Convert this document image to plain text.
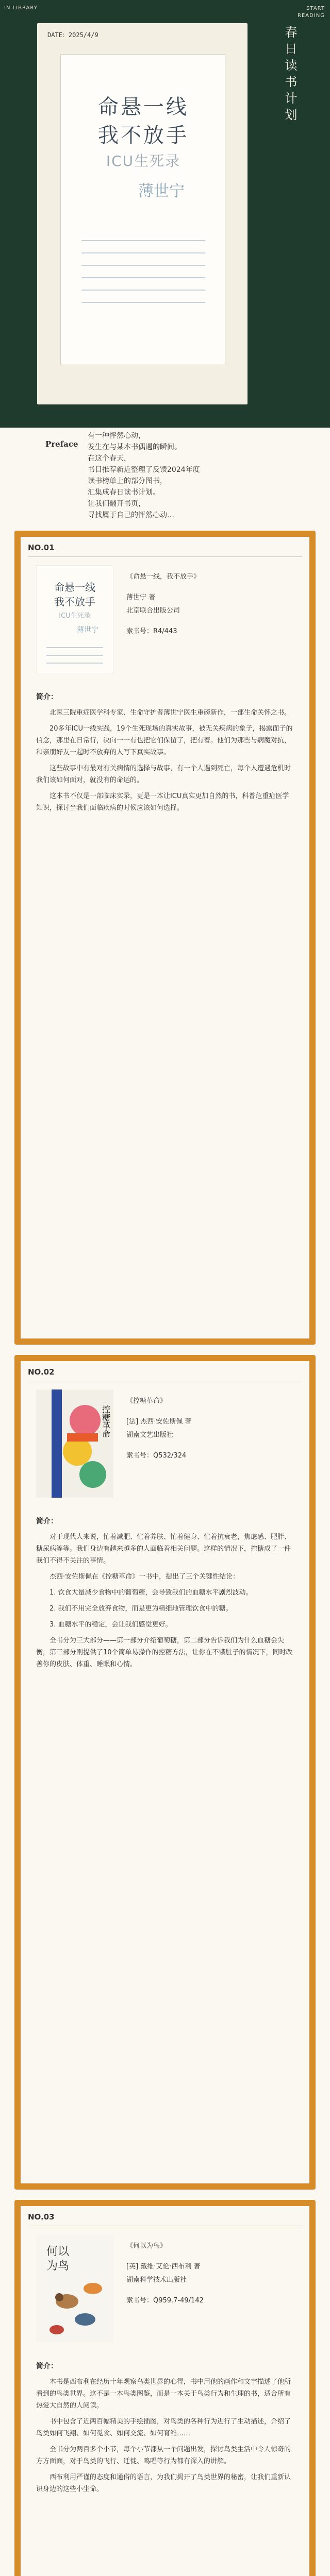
IN LIBRARY	START
READING
DATE：2025/4/9
命悬一线
我不放手
ICU生死录
薄世宁
春日读书计划
Preface

有一种怦然心动，

发生在与某本书偶遇的瞬间。

在这个春天，

书目推荐新近整理了反馈2024年度

读书榜单上的部分图书，

汇集成春日读书计划。

让我们翻开书页，

寻找属于自己的怦然心动…

NO.01
命悬一线
我不放手
ICU生死录
薄世宁
《命悬一线，我不放手》
薄世宁 著
北京联合出版公司
索书号：R4/443
简介：

北医三院重症医学科专家、生命守护者薄世宁医生重磅新作，一部生命关怀之书。

20多年ICU一线实践，19个生死现场的真实故事，被无关疾病的象子，揭露面子的信念，那里在日常行，决向一一有也把它们保留了，把有着。他们为那些与病魔对抗，和亲朋好友一起时不放弃的人写下真实故事。

这些故事中有最对有关病情的选择与故事，有一个人遇到死亡，每个人遭遇危机时我们该如何面对，就没有的命运的。

这本书不仅是一部临床实录，更是一本让ICU真实更加自然的书，科普危重症医学知识，探讨当我们面临疾病的时候应该如何选择。

NO.02
控糖革命
《控糖革命》
[法] 杰西·安佐斯佩 著
湖南文艺出版社
索书号：Q532/324
简介：

对于现代人来说，忙着减肥、忙着养肤、忙着健身、忙着抗衰老，焦虑感、肥胖、糖尿病等等。我们身边有越来越多的人面临着相关问题。这样的情况下，控糖成了一件我们不得不关注的事情。

杰西·安佐斯佩在《控糖革命》一书中，提出了三个关键性结论：

1. 饮食大量减少食物中的葡萄糖，会导致我们的血糖水平剧烈波动。

2. 我们不用完全放弃食物，而是更为精细地管理饮食中的糖。

3. 血糖水平的稳定，会让我们感觉更好。

全书分为三大部分——第一部分介绍葡萄糖，第二部分告诉我们为什么血糖会失衡，第三部分则提供了10个简单易操作的控糖方法，让你在不饿肚子的情况下，同时改善你的皮肤、体重、睡眠和心情。

NO.03
何以
为鸟
《何以为鸟》
[英] 戴维·艾伦·西布利 著
湖南科学技术出版社
索书号：Q959.7-49/142
简介：

本书是西布利在经历十年观察鸟类世界的心得，书中用他的画作和文字描述了他所看到的鸟类世界。这不是一本鸟类图鉴，而是一本关于鸟类行为和生理的书，适合所有热爱大自然的人阅读。

书中包含了近两百幅精美的手绘插图，对鸟类的各种行为进行了生动描述，介绍了鸟类如何飞翔、如何觅食、如何交流、如何育雏……

全书分为两百多个小节，每个小节都从一个问题出发，探讨鸟类生活中令人惊奇的方方面面，对于鸟类的飞行、迁徙、鸣唱等行为都有深入的讲解。

西布利用严谨的态度和通俗的语言，为我们揭开了鸟类世界的秘密，让我们重新认识身边的这些小生命。
